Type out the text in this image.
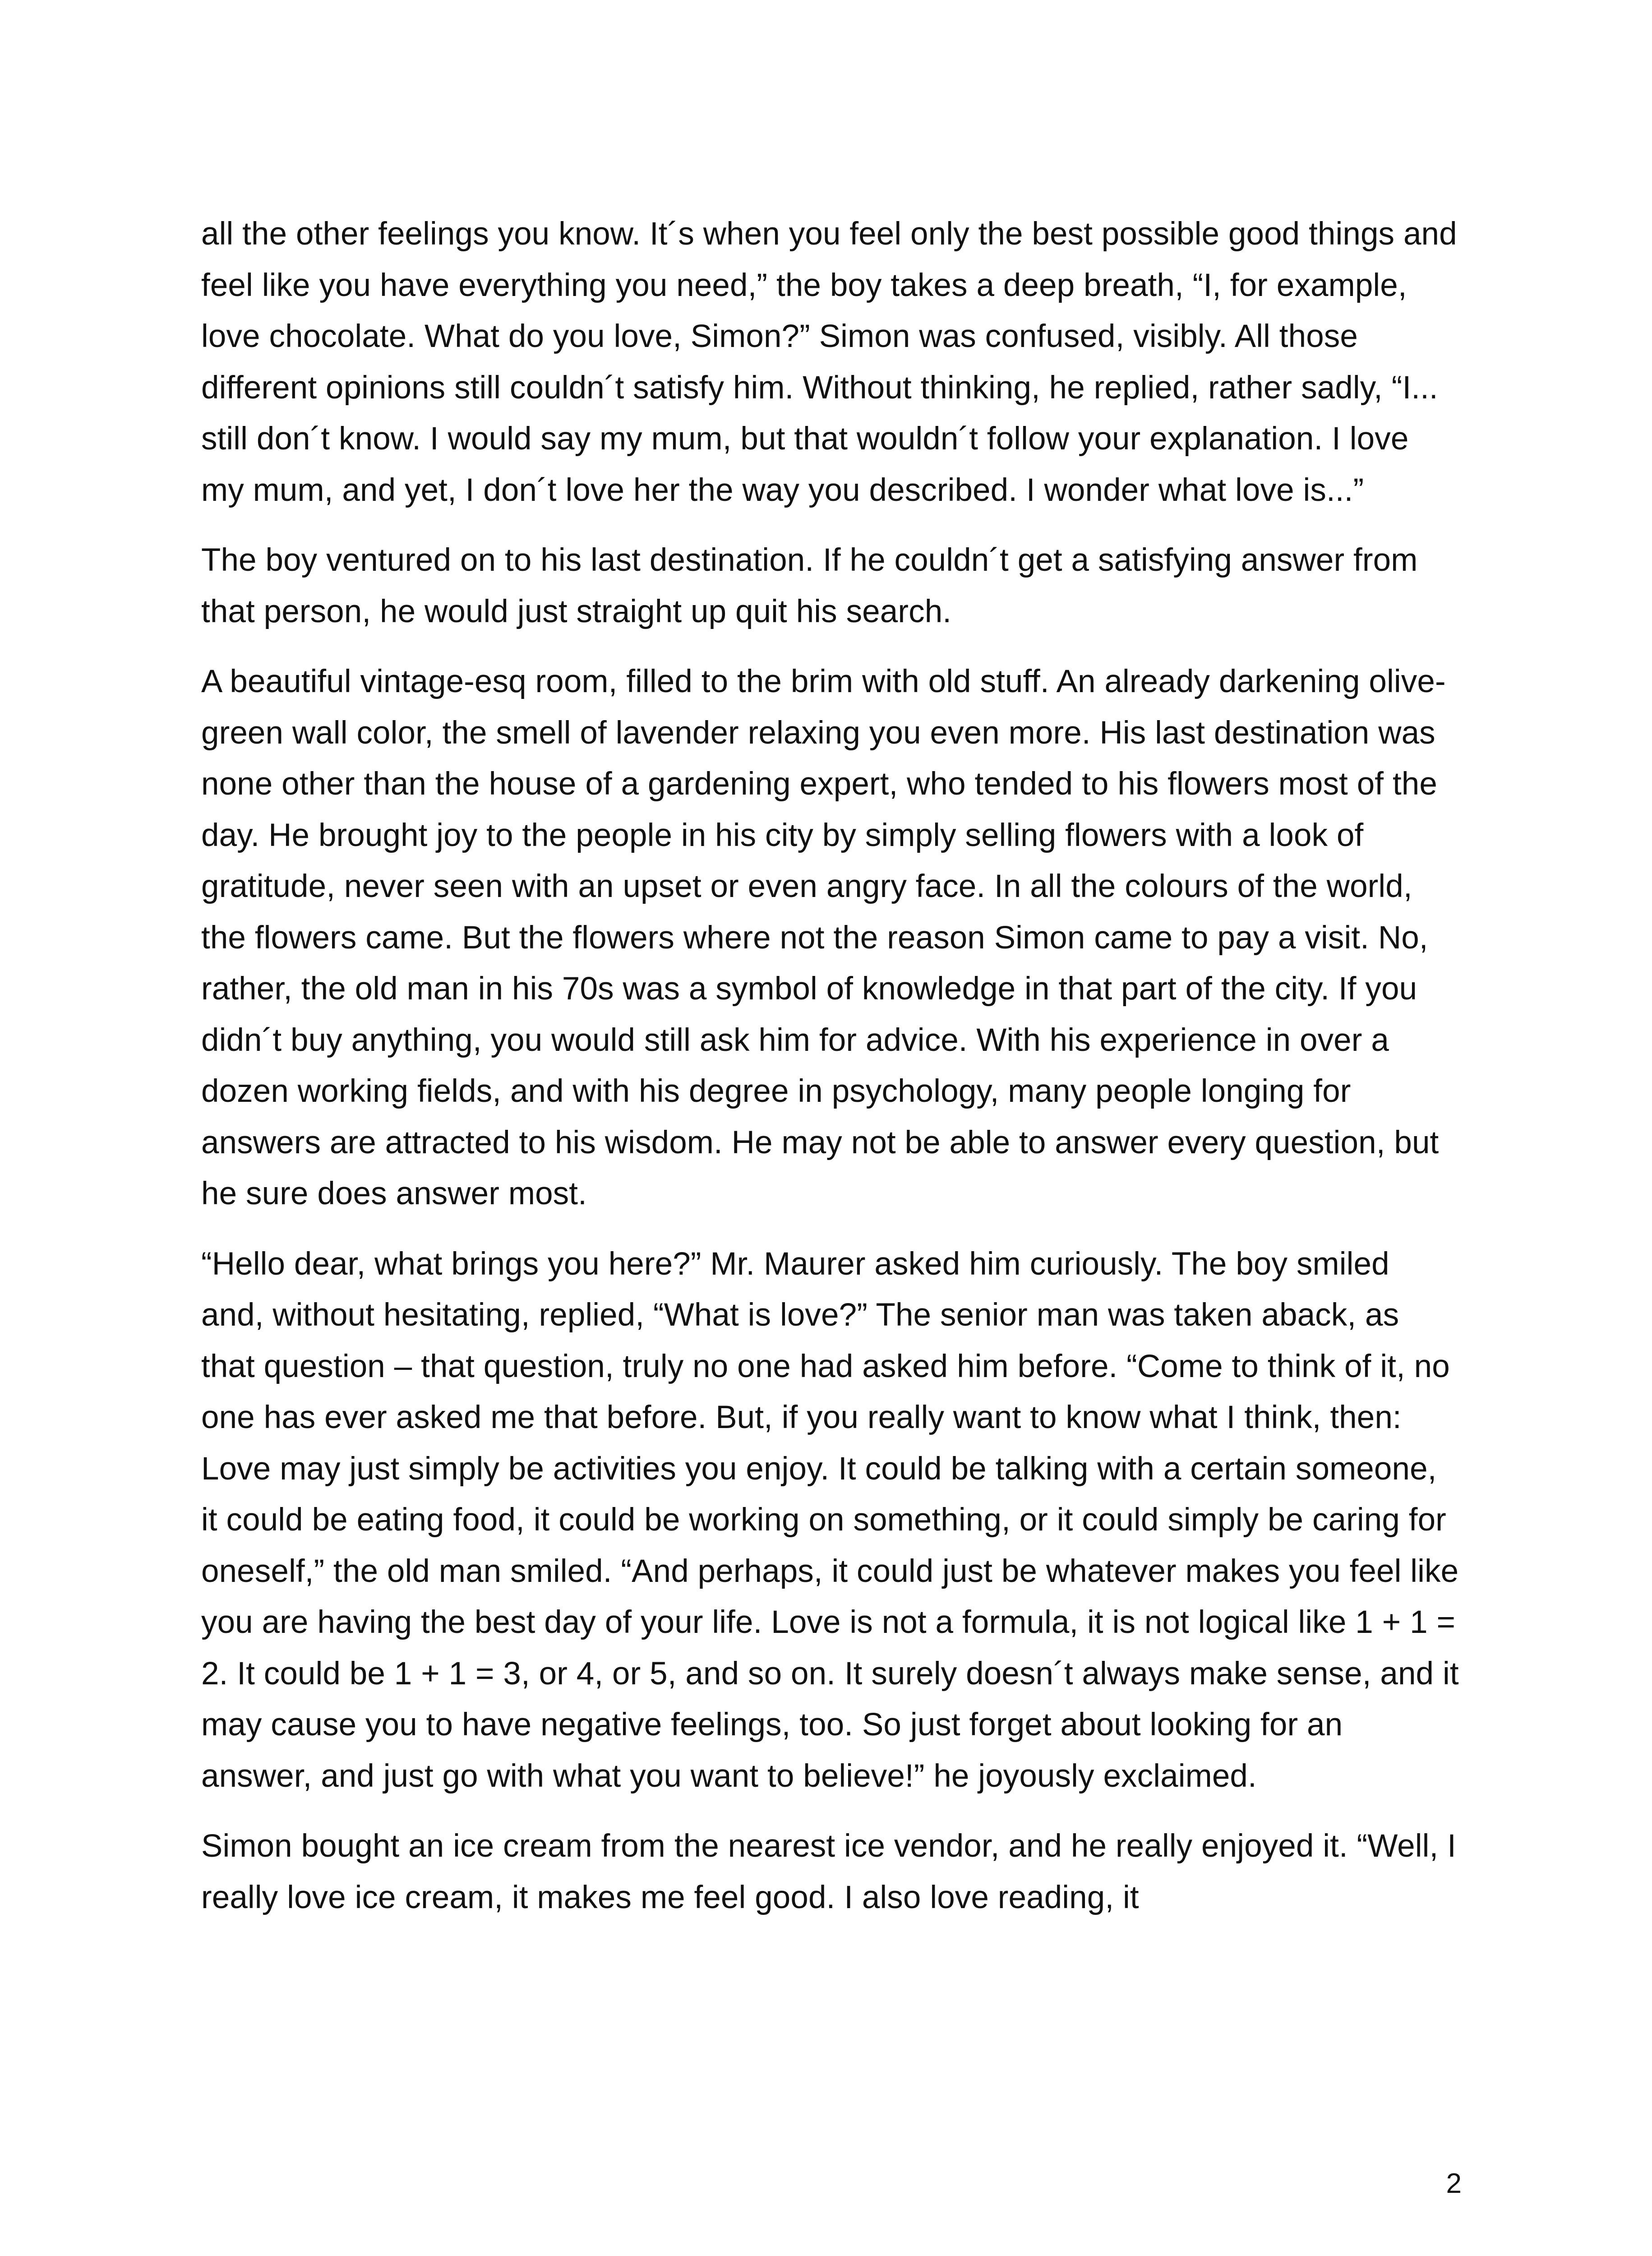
all the other feelings you know. It´s when you feel only the best possible good things and feel like you have everything you need,” the boy takes a deep breath, “I, for example, love chocolate. What do you love, Simon?” Simon was confused, visibly. All those different opinions still couldn´t satisfy him. Without thinking, he replied, rather sadly, “I... still don´t know. I would say my mum, but that wouldn´t follow your explanation. I love my mum, and yet, I don´t love her the way you described. I wonder what love is...”

The boy ventured on to his last destination. If he couldn´t get a satisfying answer from that person, he would just straight up quit his search.

A beautiful vintage-esq room, filled to the brim with old stuff. An already darkening olive-green wall color, the smell of lavender relaxing you even more. His last destination was none other than the house of a gardening expert, who tended to his flowers most of the day. He brought joy to the people in his city by simply selling flowers with a look of gratitude, never seen with an upset or even angry face. In all the colours of the world, the flowers came. But the flowers where not the reason Simon came to pay a visit. No, rather, the old man in his 70s was a symbol of knowledge in that part of the city. If you didn´t buy anything, you would still ask him for advice. With his experience in over a dozen working fields, and with his degree in psychology, many people longing for answers are attracted to his wisdom. He may not be able to answer every question, but he sure does answer most.

“Hello dear, what brings you here?” Mr. Maurer asked him curiously. The boy smiled and, without hesitating, replied, “What is love?” The senior man was taken aback, as that question – that question, truly no one had asked him before. “Come to think of it, no one has ever asked me that before. But, if you really want to know what I think, then: Love may just simply be activities you enjoy. It could be talking with a certain someone, it could be eating food, it could be working on something, or it could simply be caring for oneself,” the old man smiled. “And perhaps, it could just be whatever makes you feel like you are having the best day of your life. Love is not a formula, it is not logical like 1 + 1 = 2. It could be 1 + 1 = 3, or 4, or 5, and so on. It surely doesn´t always make sense, and it may cause you to have negative feelings, too. So just forget about looking for an answer, and just go with what you want to believe!” he joyously exclaimed.

Simon bought an ice cream from the nearest ice vendor, and he really enjoyed it. “Well, I really love ice cream, it makes me feel good. I also love reading, it

2
